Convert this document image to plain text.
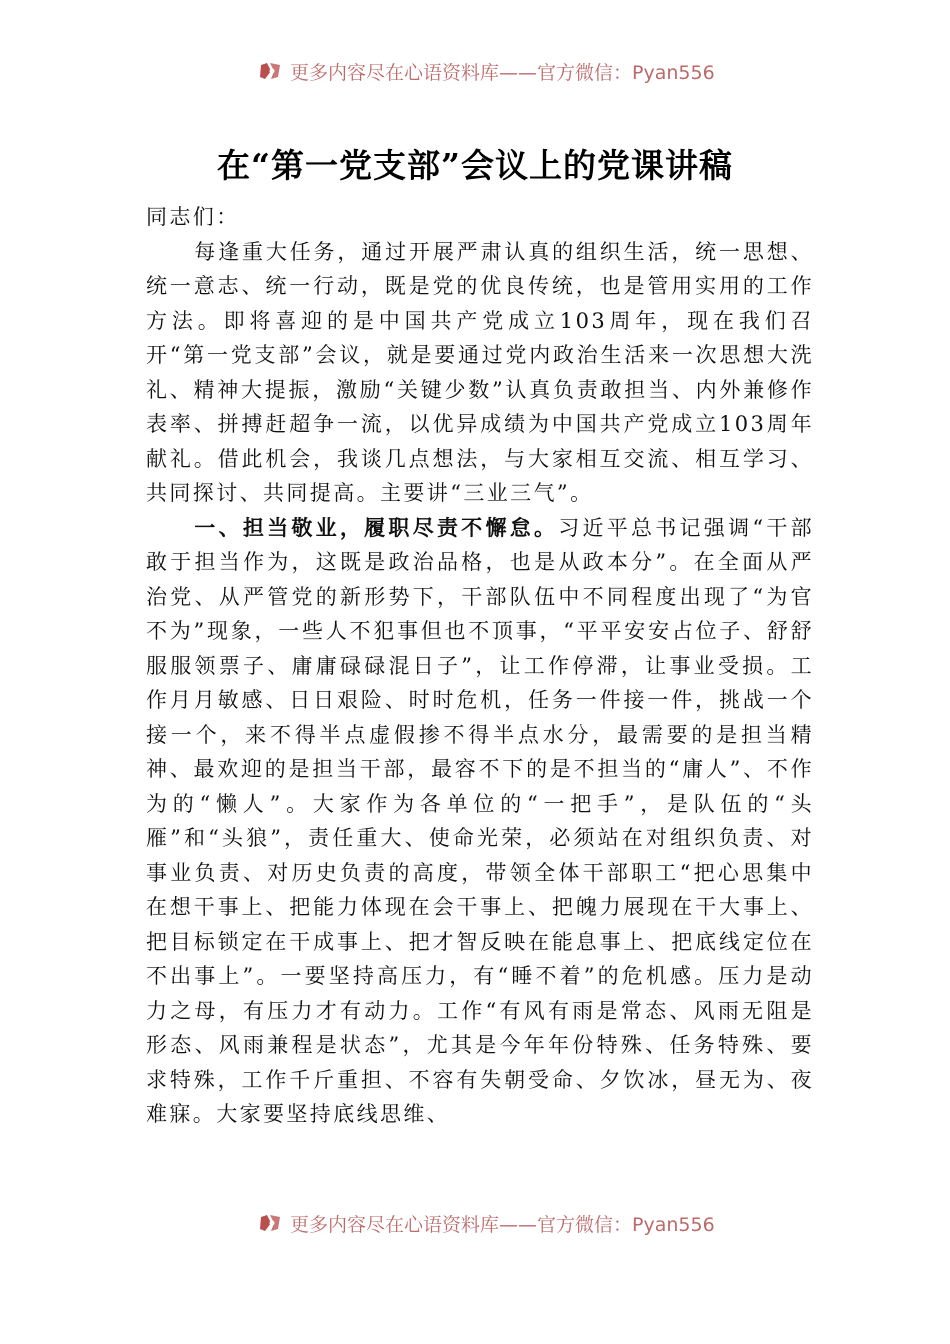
更多内容尽在心语资料库——官方微信：Pyan556
在“第一党支部”会议上的党课讲稿

同志们：

每逢重大任务，通过开展严肃认真的组织生活，统一思想、统一意志、统一行动，既是党的优良传统，也是管用实用的工作方法。即将喜迎的是中国共产党成立103周年，现在我们召开“第一党支部”会议，就是要通过党内政治生活来一次思想大洗礼、精神大提振，激励“关键少数”认真负责敢担当、内外兼修作表率、拼搏赶超争一流，以优异成绩为中国共产党成立103周年献礼。借此机会，我谈几点想法，与大家相互交流、相互学习、共同探讨、共同提高。主要讲“三业三气”。

一、担当敬业，履职尽责不懈怠。习近平总书记强调“干部敢于担当作为，这既是政治品格，也是从政本分”。在全面从严治党、从严管党的新形势下，干部队伍中不同程度出现了“为官不为”现象，一些人不犯事但也不顶事，“平平安安占位子、舒舒服服领票子、庸庸碌碌混日子”，让工作停滞，让事业受损。工作月月敏感、日日艰险、时时危机，任务一件接一件，挑战一个接一个，来不得半点虚假掺不得半点水分，最需要的是担当精神、最欢迎的是担当干部，最容不下的是不担当的“庸人”、不作为的“懒人”。大家作为各单位的“一把手”，是队伍的“头雁”和“头狼”，责任重大、使命光荣，必须站在对组织负责、对事业负责、对历史负责的高度，带领全体干部职工“把心思集中在想干事上、把能力体现在会干事上、把魄力展现在干大事上、把目标锁定在干成事上、把才智反映在能息事上、把底线定位在不出事上”。一要坚持高压力，有“睡不着”的危机感。压力是动力之母，有压力才有动力。工作“有风有雨是常态、风雨无阻是形态、风雨兼程是状态”，尤其是今年年份特殊、任务特殊、要求特殊，工作千斤重担、不容有失朝受命、夕饮冰，昼无为、夜难寐。大家要坚持底线思维、

更多内容尽在心语资料库——官方微信：Pyan556
